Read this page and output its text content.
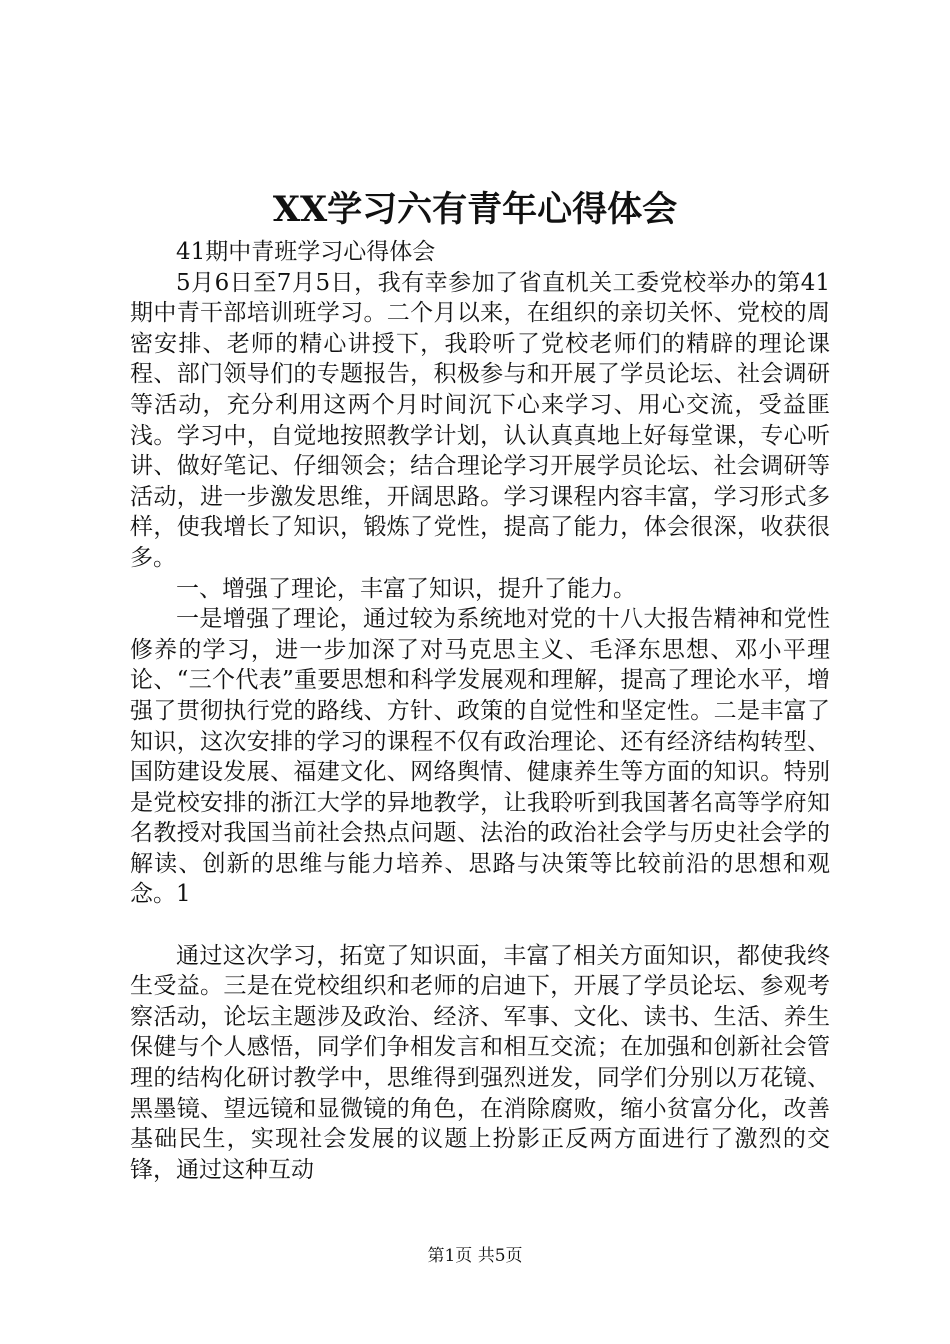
XX学习六有青年心得体会

41期中青班学习心得体会

5月6日至7月5日，我有幸参加了省直机关工委党校举办的第41期中青干部培训班学习。二个月以来，在组织的亲切关怀、党校的周密安排、老师的精心讲授下，我聆听了党校老师们的精辟的理论课程、部门领导们的专题报告，积极参与和开展了学员论坛、社会调研等活动，充分利用这两个月时间沉下心来学习、用心交流，受益匪浅。学习中，自觉地按照教学计划，认认真真地上好每堂课，专心听讲、做好笔记、仔细领会；结合理论学习开展学员论坛、社会调研等活动，进一步激发思维，开阔思路。学习课程内容丰富，学习形式多样，使我增长了知识，锻炼了党性，提高了能力，体会很深，收获很多。

一、增强了理论，丰富了知识，提升了能力。

一是增强了理论，通过较为系统地对党的十八大报告精神和党性修养的学习，进一步加深了对马克思主义、毛泽东思想、邓小平理论、“三个代表”重要思想和科学发展观和理解，提高了理论水平，增强了贯彻执行党的路线、方针、政策的自觉性和坚定性。二是丰富了知识，这次安排的学习的课程不仅有政治理论、还有经济结构转型、国防建设发展、福建文化、网络舆情、健康养生等方面的知识。特别是党校安排的浙江大学的异地教学，让我聆听到我国著名高等学府知名教授对我国当前社会热点问题、法治的政治社会学与历史社会学的解读、创新的思维与能力培养、思路与决策等比较前沿的思想和观念。1

通过这次学习，拓宽了知识面，丰富了相关方面知识，都使我终生受益。三是在党校组织和老师的启迪下，开展了学员论坛、参观考察活动，论坛主题涉及政治、经济、军事、文化、读书、生活、养生保健与个人感悟，同学们争相发言和相互交流；在加强和创新社会管理的结构化研讨教学中，思维得到强烈迸发，同学们分别以万花镜、黑墨镜、望远镜和显微镜的角色，在消除腐败，缩小贫富分化，改善基础民生，实现社会发展的议题上扮影正反两方面进行了激烈的交锋，通过这种互动

第1页 共5页
